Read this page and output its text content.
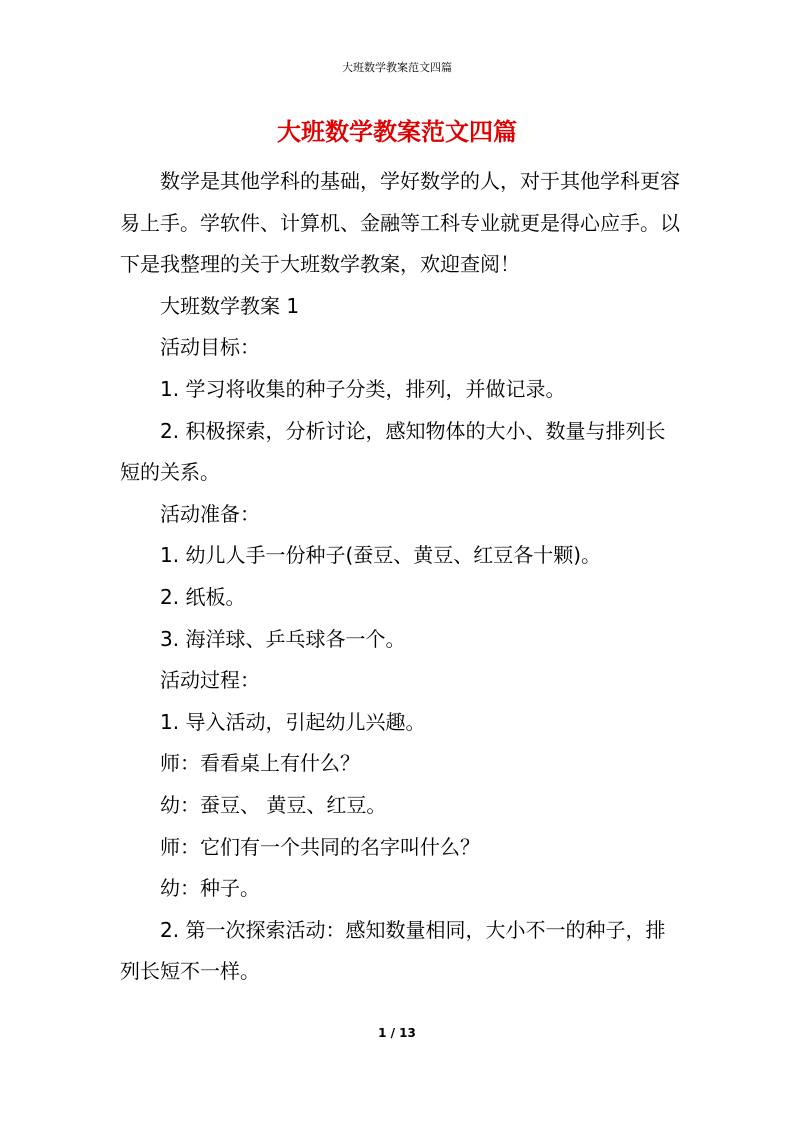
大班数学教案范文四篇
大班数学教案范文四篇

数学是其他学科的基础，学好数学的人，对于其他学科更容易上手。学软件、计算机、金融等工科专业就更是得心应手。以下是我整理的关于大班数学教案，欢迎查阅！

大班数学教案 1

活动目标：

1. 学习将收集的种子分类，排列，并做记录。

2. 积极探索，分析讨论，感知物体的大小、数量与排列长短的关系。

活动准备：

1. 幼儿人手一份种子(蚕豆、黄豆、红豆各十颗)。

2. 纸板。

3. 海洋球、乒乓球各一个。

活动过程：

1. 导入活动，引起幼儿兴趣。

师：看看桌上有什么？

幼：蚕豆、 黄豆、红豆。

师：它们有一个共同的名字叫什么？

幼：种子。

2. 第一次探索活动：感知数量相同，大小不一的种子，排列长短不一样。

1 / 13
